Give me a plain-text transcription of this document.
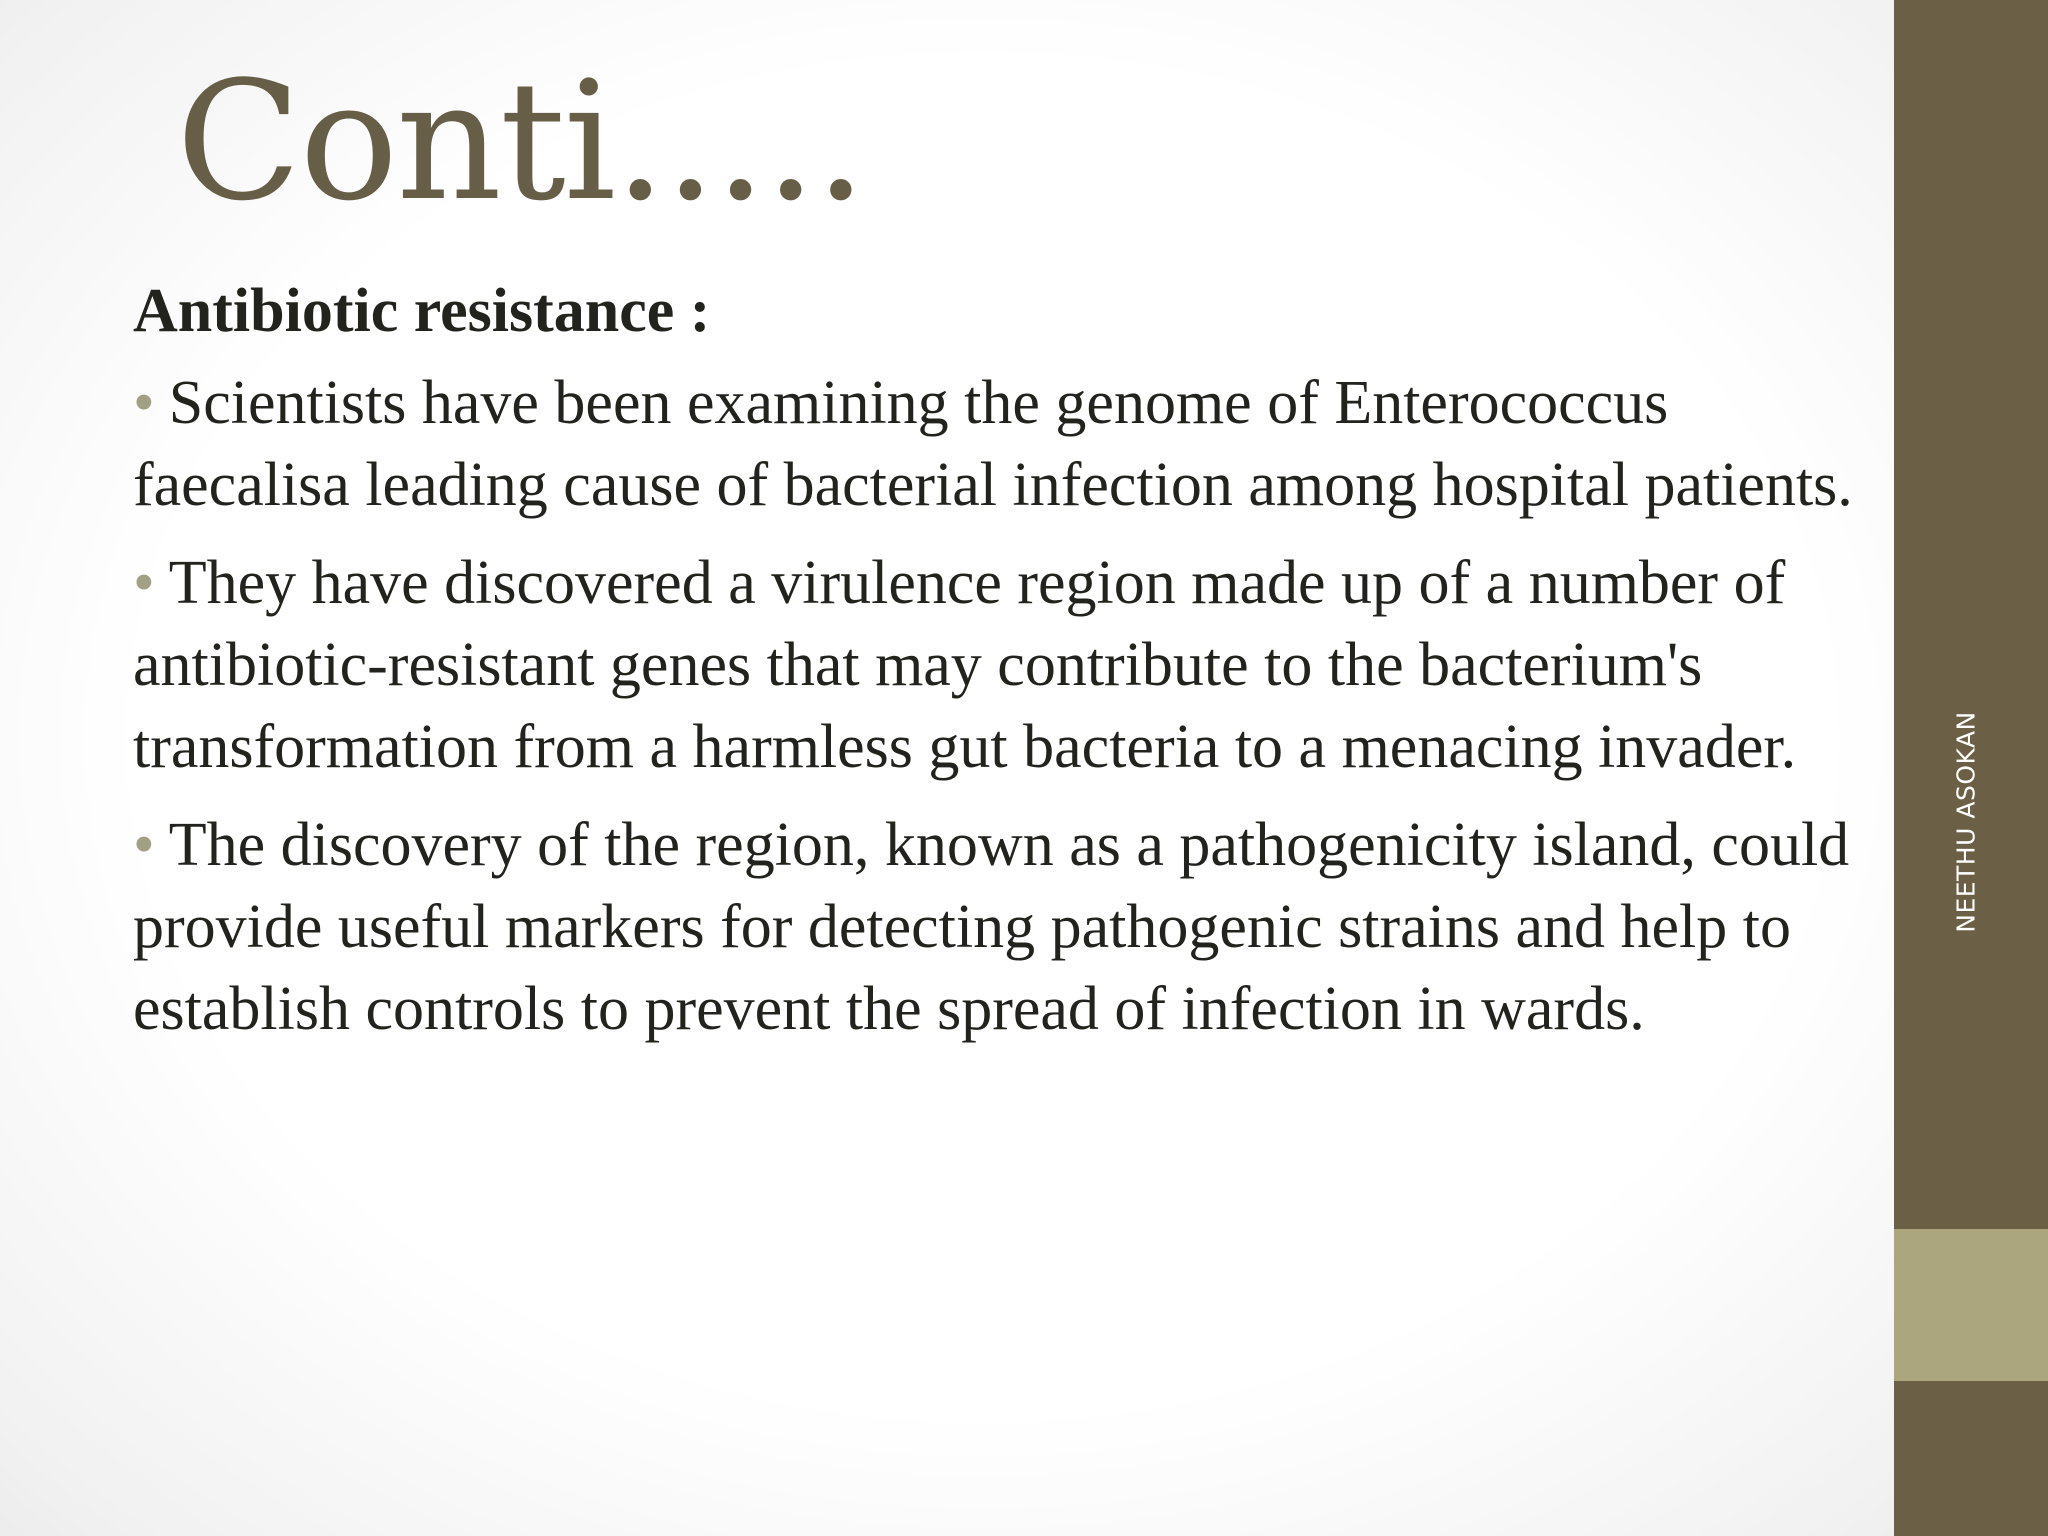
Conti.....

Antibiotic resistance :

• Scientists have been examining the genome of Enterococcus faecalisa leading cause of bacterial infection among hospital patients.

• They have discovered a virulence region made up of a number of antibiotic-resistant genes that may contribute to the bacterium's transformation from a harmless gut bacteria to a menacing invader.

• The discovery of the region, known as a pathogenicity island, could provide useful markers for detecting pathogenic strains and help to establish controls to prevent the spread of infection in wards.

NEETHU ASOKAN
